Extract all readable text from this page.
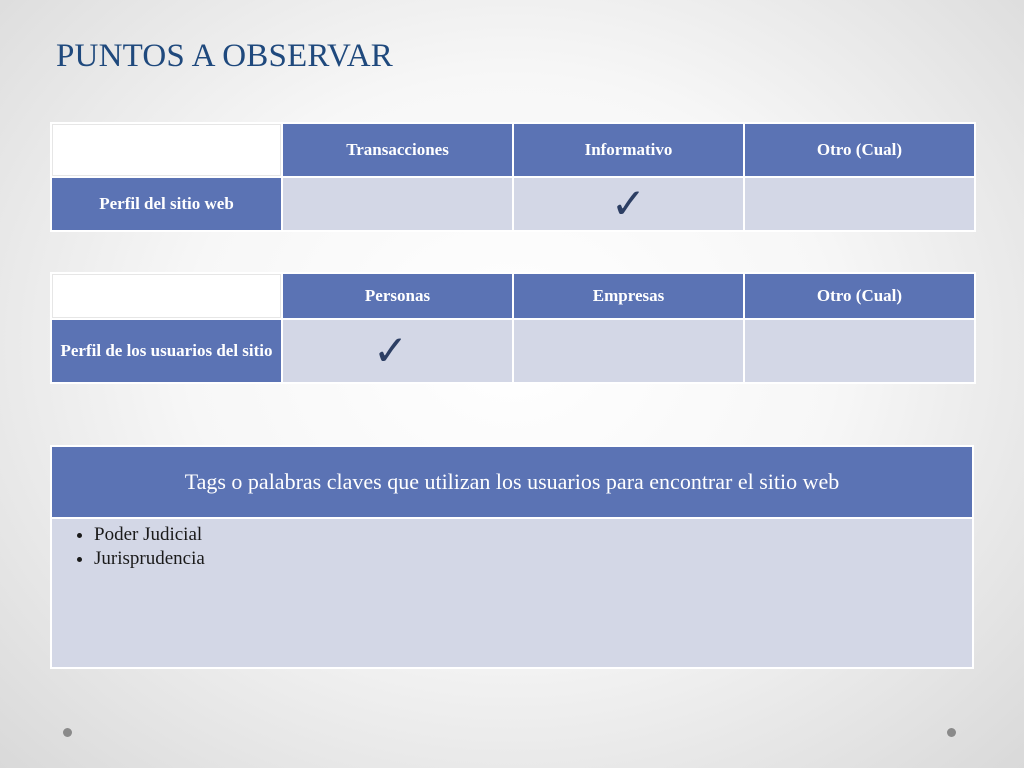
PUNTOS A OBSERVAR
	Transacciones	Informativo	Otro (Cual)
Perfil del sitio web		✓	
	Personas	Empresas	Otro (Cual)
Perfil de los usuarios del sitio	✓		
Tags o palabras claves que utilizan los usuarios para encontrar el sitio web

• Poder Judicial
• Jurisprudencia
